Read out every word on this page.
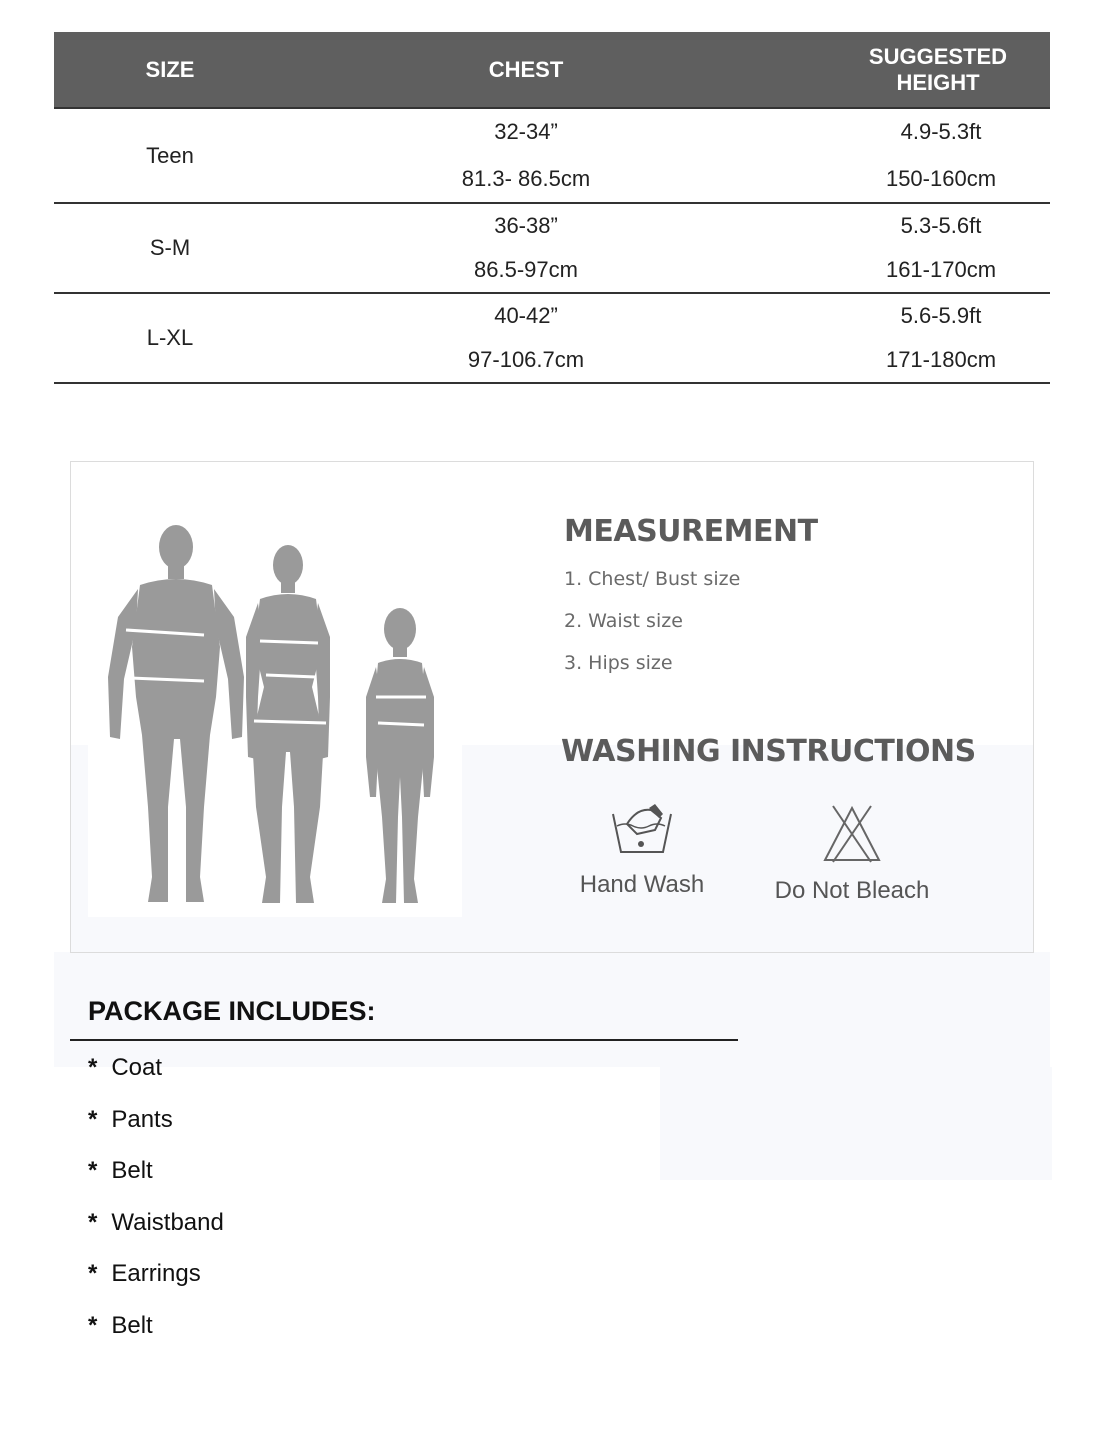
SIZE	CHEST
SUGGESTED HEIGHT
Teen
32-34”
81.3- 86.5cm
4.9-5.3ft
150-160cm
S-M
36-38”
86.5-97cm
5.3-5.6ft
161-170cm
L-XL
40-42”
97-106.7cm
5.6-5.9ft
171-180cm
MEASUREMENT
1. Chest/ Bust size
2. Waist size
3. Hips size
WASHING INSTRUCTIONS
Hand Wash	Do Not Bleach
PACKAGE INCLUDES:
* Coat
* Pants
* Belt
* Waistband
* Earrings
* Belt
